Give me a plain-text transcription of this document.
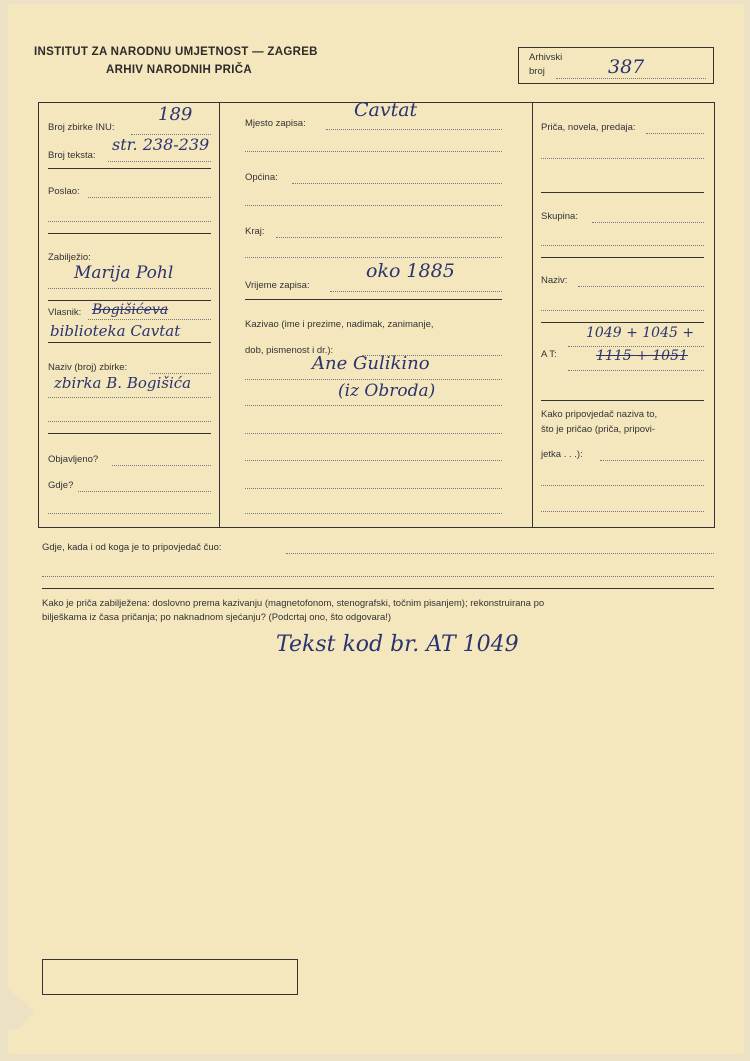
INSTITUT ZA NARODNU UMJETNOST — ZAGREB
ARHIV NARODNIH PRIČA
Arhivski
broj	387
Broj zbirke INU:
189
Broj teksta:
str. 238-239
Poslao:
Zabilježio:
Marija Pohl
Vlasnik: Bogišićeva
biblioteka Cavtat
Naziv (broj) zbirke:
zbirka B. Bogišića
Objavljeno?
Gdje?
Mjesto zapisa:
Cavtat
Općina:
Kraj:
Vrijeme zapisa:
oko 1885
Kazivao (ime i prezime, nadimak, zanimanje,
dob, pismenost i dr.):
Ane Gulikino
(iz Obroda)
Priča, novela, predaja:
Skupina:
Naziv:
A T:
1049 + 1045 +
1115 + 1051
Kako pripovjedač naziva to,
što je pričao (priča, pripovi-
jetka . . .):
Gdje, kada i od koga je to pripovjedač čuo:
Kako je priča zabilježena: doslovno prema kazivanju (magnetofonom, stenografski, točnim pisanjem); rekonstruirana po
bilješkama iz časa pričanja; po naknadnom sjećanju? (Podcrtaj ono, što odgovara!)
Tekst kod br. AT 1049
